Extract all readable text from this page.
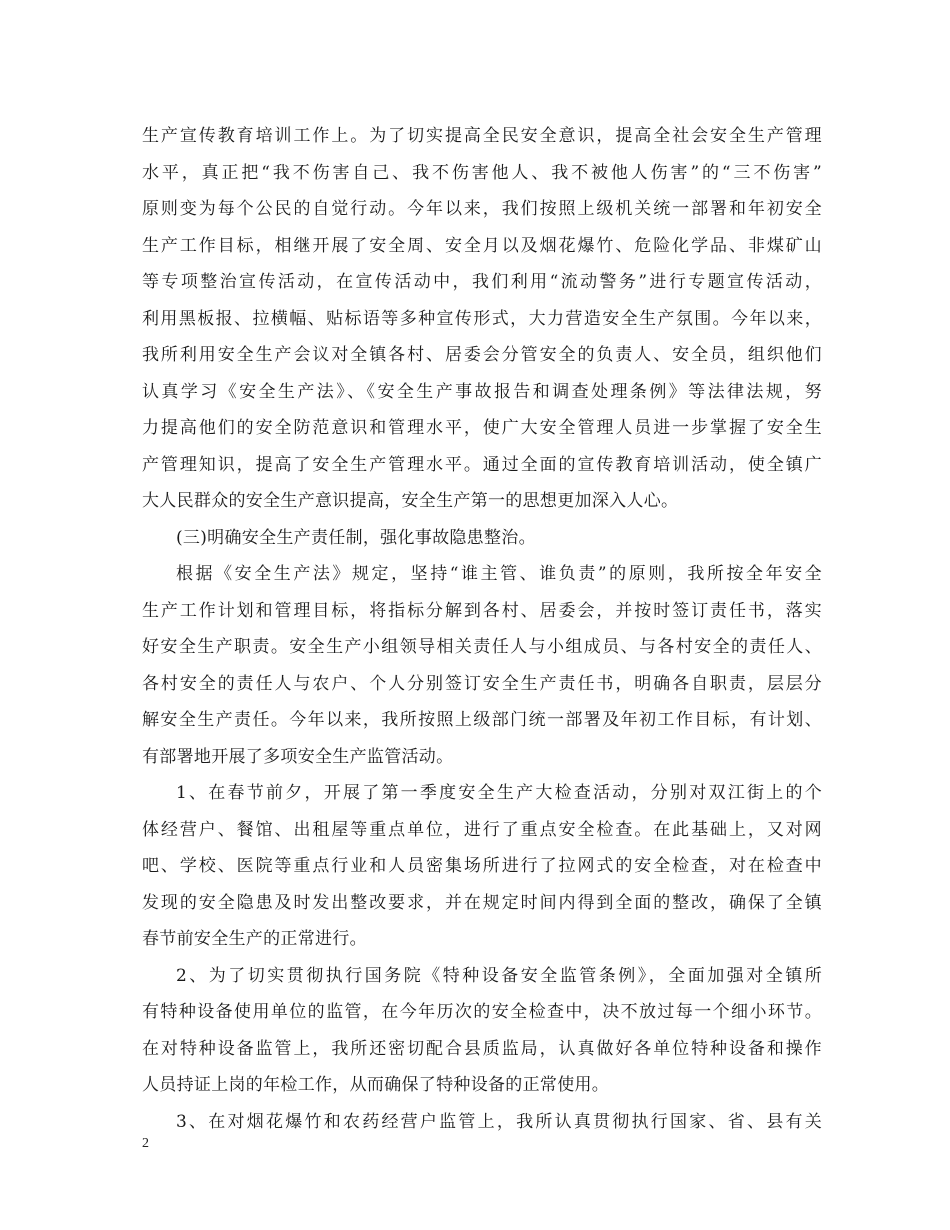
生产宣传教育培训工作上。为了切实提高全民安全意识，提高全社会安全生产管理
水平，真正把“我不伤害自己、我不伤害他人、我不被他人伤害”的“三不伤害”
原则变为每个公民的自觉行动。今年以来，我们按照上级机关统一部署和年初安全
生产工作目标，相继开展了安全周、安全月以及烟花爆竹、危险化学品、非煤矿山
等专项整治宣传活动，在宣传活动中，我们利用“流动警务”进行专题宣传活动，
利用黑板报、拉横幅、贴标语等多种宣传形式，大力营造安全生产氛围。今年以来，
我所利用安全生产会议对全镇各村、居委会分管安全的负责人、安全员，组织他们
认真学习《安全生产法》、《安全生产事故报告和调查处理条例》等法律法规，努
力提高他们的安全防范意识和管理水平，使广大安全管理人员进一步掌握了安全生
产管理知识，提高了安全生产管理水平。通过全面的宣传教育培训活动，使全镇广
大人民群众的安全生产意识提高，安全生产第一的思想更加深入人心。
(三)明确安全生产责任制，强化事故隐患整治。
根据《安全生产法》规定，坚持“谁主管、谁负责”的原则，我所按全年安全
生产工作计划和管理目标，将指标分解到各村、居委会，并按时签订责任书，落实
好安全生产职责。安全生产小组领导相关责任人与小组成员、与各村安全的责任人、
各村安全的责任人与农户、个人分别签订安全生产责任书，明确各自职责，层层分
解安全生产责任。今年以来，我所按照上级部门统一部署及年初工作目标，有计划、
有部署地开展了多项安全生产监管活动。
1、在春节前夕，开展了第一季度安全生产大检查活动，分别对双江街上的个
体经营户、餐馆、出租屋等重点单位，进行了重点安全检查。在此基础上，又对网
吧、学校、医院等重点行业和人员密集场所进行了拉网式的安全检查，对在检查中
发现的安全隐患及时发出整改要求，并在规定时间内得到全面的整改，确保了全镇
春节前安全生产的正常进行。
2、为了切实贯彻执行国务院《特种设备安全监管条例》，全面加强对全镇所
有特种设备使用单位的监管，在今年历次的安全检查中，决不放过每一个细小环节。
在对特种设备监管上，我所还密切配合县质监局，认真做好各单位特种设备和操作
人员持证上岗的年检工作，从而确保了特种设备的正常使用。
3、在对烟花爆竹和农药经营户监管上，我所认真贯彻执行国家、省、县有关
2
